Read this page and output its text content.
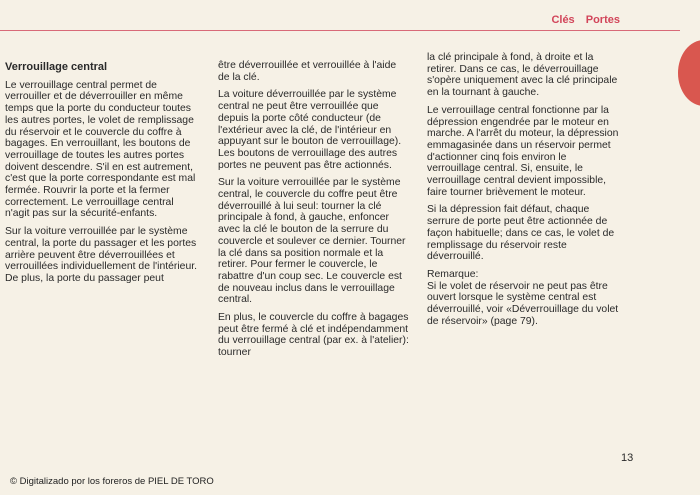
Clés Portes

Verrouillage central

Le verrouillage central permet de verrouiller et de déverrouiller en même temps que la porte du conducteur toutes les autres portes, le volet de remplissage du réservoir et le couvercle du coffre à bagages. En verrouillant, les boutons de verrouillage de toutes les autres portes doivent descendre. S'il en est autrement, c'est que la porte correspondante est mal fermée. Rouvrir la porte et la fermer correctement. Le verrouillage central n'agit pas sur la sécurité-enfants.

Sur la voiture verrouillée par le système central, la porte du passager et les portes arrière peuvent être déverrouillées et verrouillées individuellement de l'intérieur. De plus, la porte du passager peut

être déverrouillée et verrouillée à l'aide de la clé.

La voiture déverrouillée par le système central ne peut être verrouillée que depuis la porte côté conducteur (de l'extérieur avec la clé, de l'intérieur en appuyant sur le bouton de verrouillage). Les boutons de verrouillage des autres portes ne peuvent pas être actionnés.

Sur la voiture verrouillée par le système central, le couvercle du coffre peut être déverrouillé à lui seul: tourner la clé principale à fond, à gauche, enfoncer avec la clé le bouton de la serrure du couvercle et soulever ce dernier. Tourner la clé dans sa position normale et la retirer. Pour fermer le couvercle, le rabattre d'un coup sec. Le couvercle est de nouveau inclus dans le verrouillage central.

En plus, le couvercle du coffre à bagages peut être fermé à clé et indépendamment du verrouillage central (par ex. à l'atelier): tourner

la clé principale à fond, à droite et la retirer. Dans ce cas, le déverrouillage s'opère uniquement avec la clé principale en la tournant à gauche.

Le verrouillage central fonctionne par la dépression engendrée par le moteur en marche. A l'arrêt du moteur, la dépression emmagasinée dans un réservoir permet d'actionner cinq fois environ le verrouillage central. Si, ensuite, le verrouillage central devient impossible, faire tourner brièvement le moteur.

Si la dépression fait défaut, chaque serrure de porte peut être actionnée de façon habituelle; dans ce cas, le volet de remplissage du réservoir reste déverrouillé.

Remarque:

Si le volet de réservoir ne peut pas être ouvert lorsque le système central est déverrouillé, voir «Déverrouillage du volet de réservoir» (page 79).

13
© Digitalizado por los foreros de PIEL DE TORO
